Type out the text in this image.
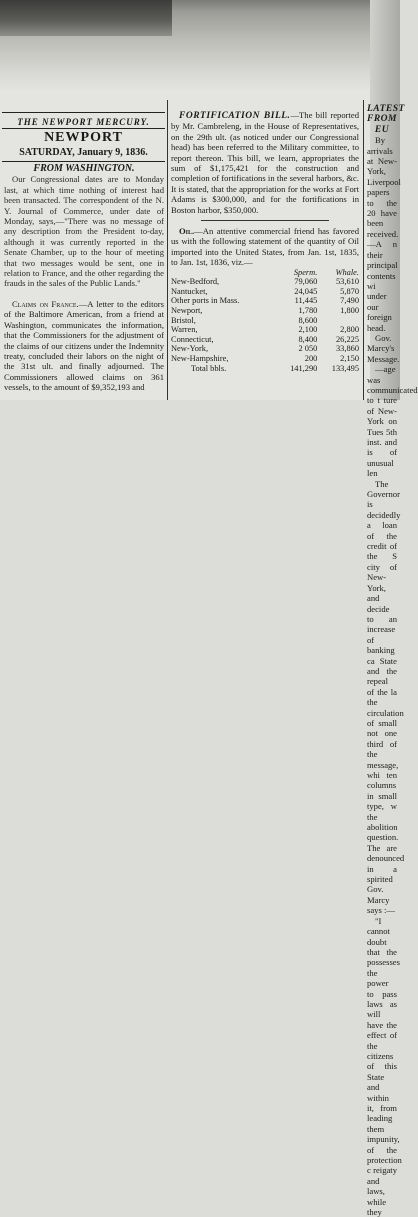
THE NEWPORT MERCURY.
NEWPORT
SATURDAY, January 9, 1836.

FROM WASHINGTON.

Our Congressional dates are to Monday last, at which time nothing of interest had been transacted. The correspondent of the N. Y. Journal of Commerce, under date of Monday, says,—"There was no message of any description from the President to-day, although it was currently reported in the Senate Chamber, up to the hour of meeting that two messages would be sent, one in relation to France, and the other regarding the frauds in the sales of the Public Lands."

Claims on France.—A letter to the editors of the Baltimore American, from a friend at Washington, communicates the information, that the Commissioners for the adjustment of the claims of our citizens under the Indemnity treaty, concluded their labors on the night of the 31st ult. and finally adjourned. The Commissioners allowed claims on 361 vessels, to the amount of $9,352,193 and

FORTIFICATION BILL.—The bill reported by Mr. Cambreleng, in the House of Representatives, on the 29th ult. (as noticed under our Congressional head) has been referred to the Military committee, to report thereon. This bill, we learn, appropriates the sum of $1,175,421 for the construction and completion of fortifications in the several harbors, &c. It is stated, that the appropriation for the works at Fort Adams is $300,000, and for the fortifications in Boston harbor, $350,000.

Oil.—An attentive commercial friend has favored us with the following statement of the quantity of Oil imported into the United States, from Jan. 1st, 1835, to Jan. 1st, 1836, viz.—

	Sperm.	Whale.
New-Bedford,	79,060	53,610
Nantucket,	24,045	5,870
Other ports in Mass.	11,445	7,490
Newport,	1,780	1,800
Bristol,	8,600	
Warren,	2,100	2,800
Connecticut,	8,400	26,225
New-York,	2 050	33,860
New-Hampshire,	200	2,150
Total bbls.	141,290	133,495

LATEST FROM EU

By arrivals at New-York, Liverpool papers to the 20 have been received.—A n their principal contents wi under our foreign head.

Gov. Marcy's Message.

—age was communicated to t ture of New-York on Tues 5th inst. and is of unusual len

The Governor is decidedly a loan of the credit of the S city of New-York, and decide to an increase of banking ca State and the repeal of the la the circulation of small not one third of the message, whi ten columns in small type, w the abolition question. The are denounced in a spirited Gov. Marcy says :—

"I cannot doubt that the possesses the power to pass laws as will have the effect of the citizens of this State and within it, from leading them impunity, of the protection c reigaty and laws, while they
